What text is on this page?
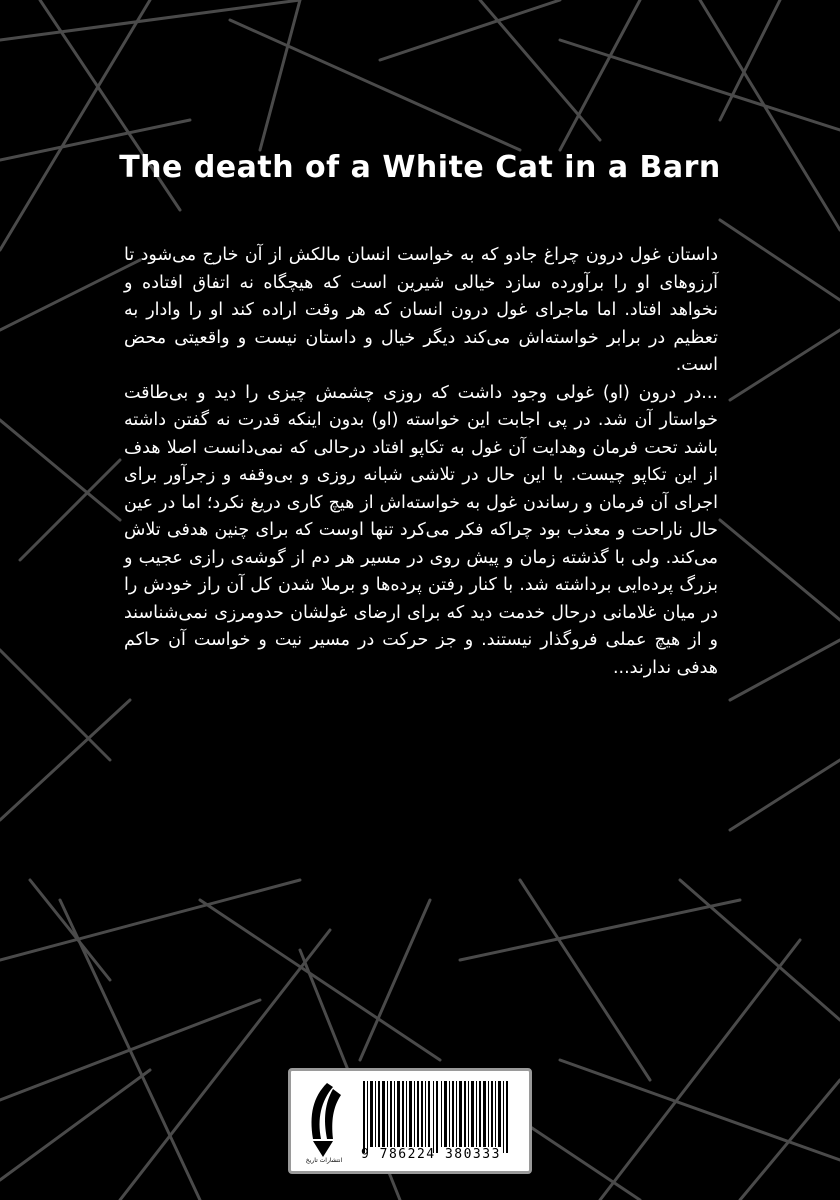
The death of a White Cat in a Barn

داستان غول درون چراغ جادو که به خواست انسان مالکش از آن خارج می‌شود تا آرزوهای او را برآورده سازد خیالی شیرین است که هیچگاه نه اتفاق افتاده و نخواهد افتاد. اما ماجرای غول درون انسان که هر وقت اراده کند او را وادار به تعظیم در برابر خواسته‌اش می‌کند دیگر خیال و داستان نیست و واقعیتی محض است.

...در درون (او) غولی وجود داشت که روزی چشمش چیزی را دید و بی‌طاقت خواستار آن شد. در پی اجابت این خواسته (او) بدون اینکه قدرت نه گفتن داشته باشد تحت فرمان وهدایت آن غول به تکاپو افتاد درحالی که نمی‌دانست اصلا هدف از این تکاپو چیست. با این حال در تلاشی شبانه روزی و بی‌وقفه و زجرآور برای اجرای آن فرمان و رساندن غول به خواسته‌اش از هیچ کاری دریغ نکرد؛ اما در عین حال ناراحت و معذب بود چراکه فکر می‌کرد تنها اوست که برای چنین هدفی تلاش می‌کند. ولی با گذشته زمان و پیش روی در مسیر هر دم از گوشه‌ی رازی عجیب و بزرگ پرده‌ایی برداشته شد. با کنار رفتن پرده‌ها و برملا شدن کل آن راز خودش را در میان غلامانی درحال خدمت دید که برای ارضای غولشان حدومرزی نمی‌شناسند و از هیچ عملی فروگذار نیستند. و جز حرکت در مسیر نیت و خواست آن حاکم هدفی ندارند...

انتشارات تاریخ	9 786224 380333
